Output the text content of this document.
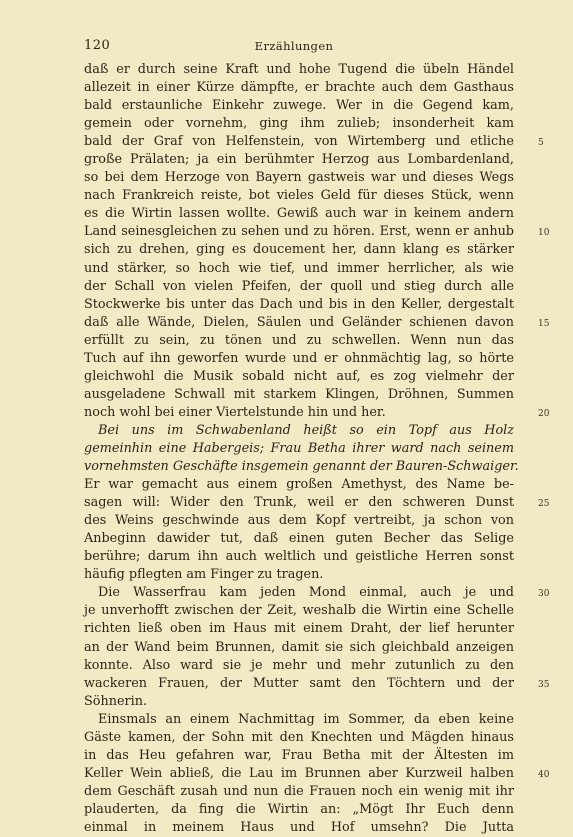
120	Erzählungen
daß er durch seine Kraft und hohe Tugend die übeln Händel
allezeit in einer Kürze dämpfte, er brachte auch dem Gasthaus
bald erstaunliche Einkehr zuwege. Wer in die Gegend kam,
gemein oder vornehm, ging ihm zulieb; insonderheit kam
bald der Graf von Helfenstein, von Wirtemberg und etliche	5
große Prälaten; ja ein berühmter Herzog aus Lombardenland,
so bei dem Herzoge von Bayern gastweis war und dieses Wegs
nach Frankreich reiste, bot vieles Geld für dieses Stück, wenn
es die Wirtin lassen wollte. Gewiß auch war in keinem andern
Land seinesgleichen zu sehen und zu hören. Erst, wenn er anhub	10
sich zu drehen, ging es doucement her, dann klang es stärker
und stärker, so hoch wie tief, und immer herrlicher, als wie
der Schall von vielen Pfeifen, der quoll und stieg durch alle
Stockwerke bis unter das Dach und bis in den Keller, dergestalt
daß alle Wände, Dielen, Säulen und Geländer schienen davon	15
erfüllt zu sein, zu tönen und zu schwellen. Wenn nun das
Tuch auf ihn geworfen wurde und er ohnmächtig lag, so hörte
gleichwohl die Musik sobald nicht auf, es zog vielmehr der
ausgeladene Schwall mit starkem Klingen, Dröhnen, Summen
noch wohl bei einer Viertelstunde hin und her.	20
Bei uns im Schwabenland heißt so ein Topf aus Holz
gemeinhin eine Habergeis; Frau Betha ihrer ward nach seinem
vornehmsten Geschäfte insgemein genannt der Bauren-Schwaiger.
Er war gemacht aus einem großen Amethyst, des Name be-
sagen will: Wider den Trunk, weil er den schweren Dunst	25
des Weins geschwinde aus dem Kopf vertreibt, ja schon von
Anbeginn dawider tut, daß einen guten Becher das Selige
berühre; darum ihn auch weltlich und geistliche Herren sonst
häufig pflegten am Finger zu tragen.
Die Wasserfrau kam jeden Mond einmal, auch je und	30
je unverhofft zwischen der Zeit, weshalb die Wirtin eine Schelle
richten ließ oben im Haus mit einem Draht, der lief herunter
an der Wand beim Brunnen, damit sie sich gleichbald anzeigen
konnte. Also ward sie je mehr und mehr zutunlich zu den
wackeren Frauen, der Mutter samt den Töchtern und der	35
Söhnerin.
Einsmals an einem Nachmittag im Sommer, da eben keine
Gäste kamen, der Sohn mit den Knechten und Mägden hinaus
in das Heu gefahren war, Frau Betha mit der Ältesten im
Keller Wein abließ, die Lau im Brunnen aber Kurzweil halben	40
dem Geschäft zusah und nun die Frauen noch ein wenig mit ihr
plauderten, da fing die Wirtin an: „Mögt Ihr Euch denn
einmal in meinem Haus und Hof umsehn? Die Jutta
